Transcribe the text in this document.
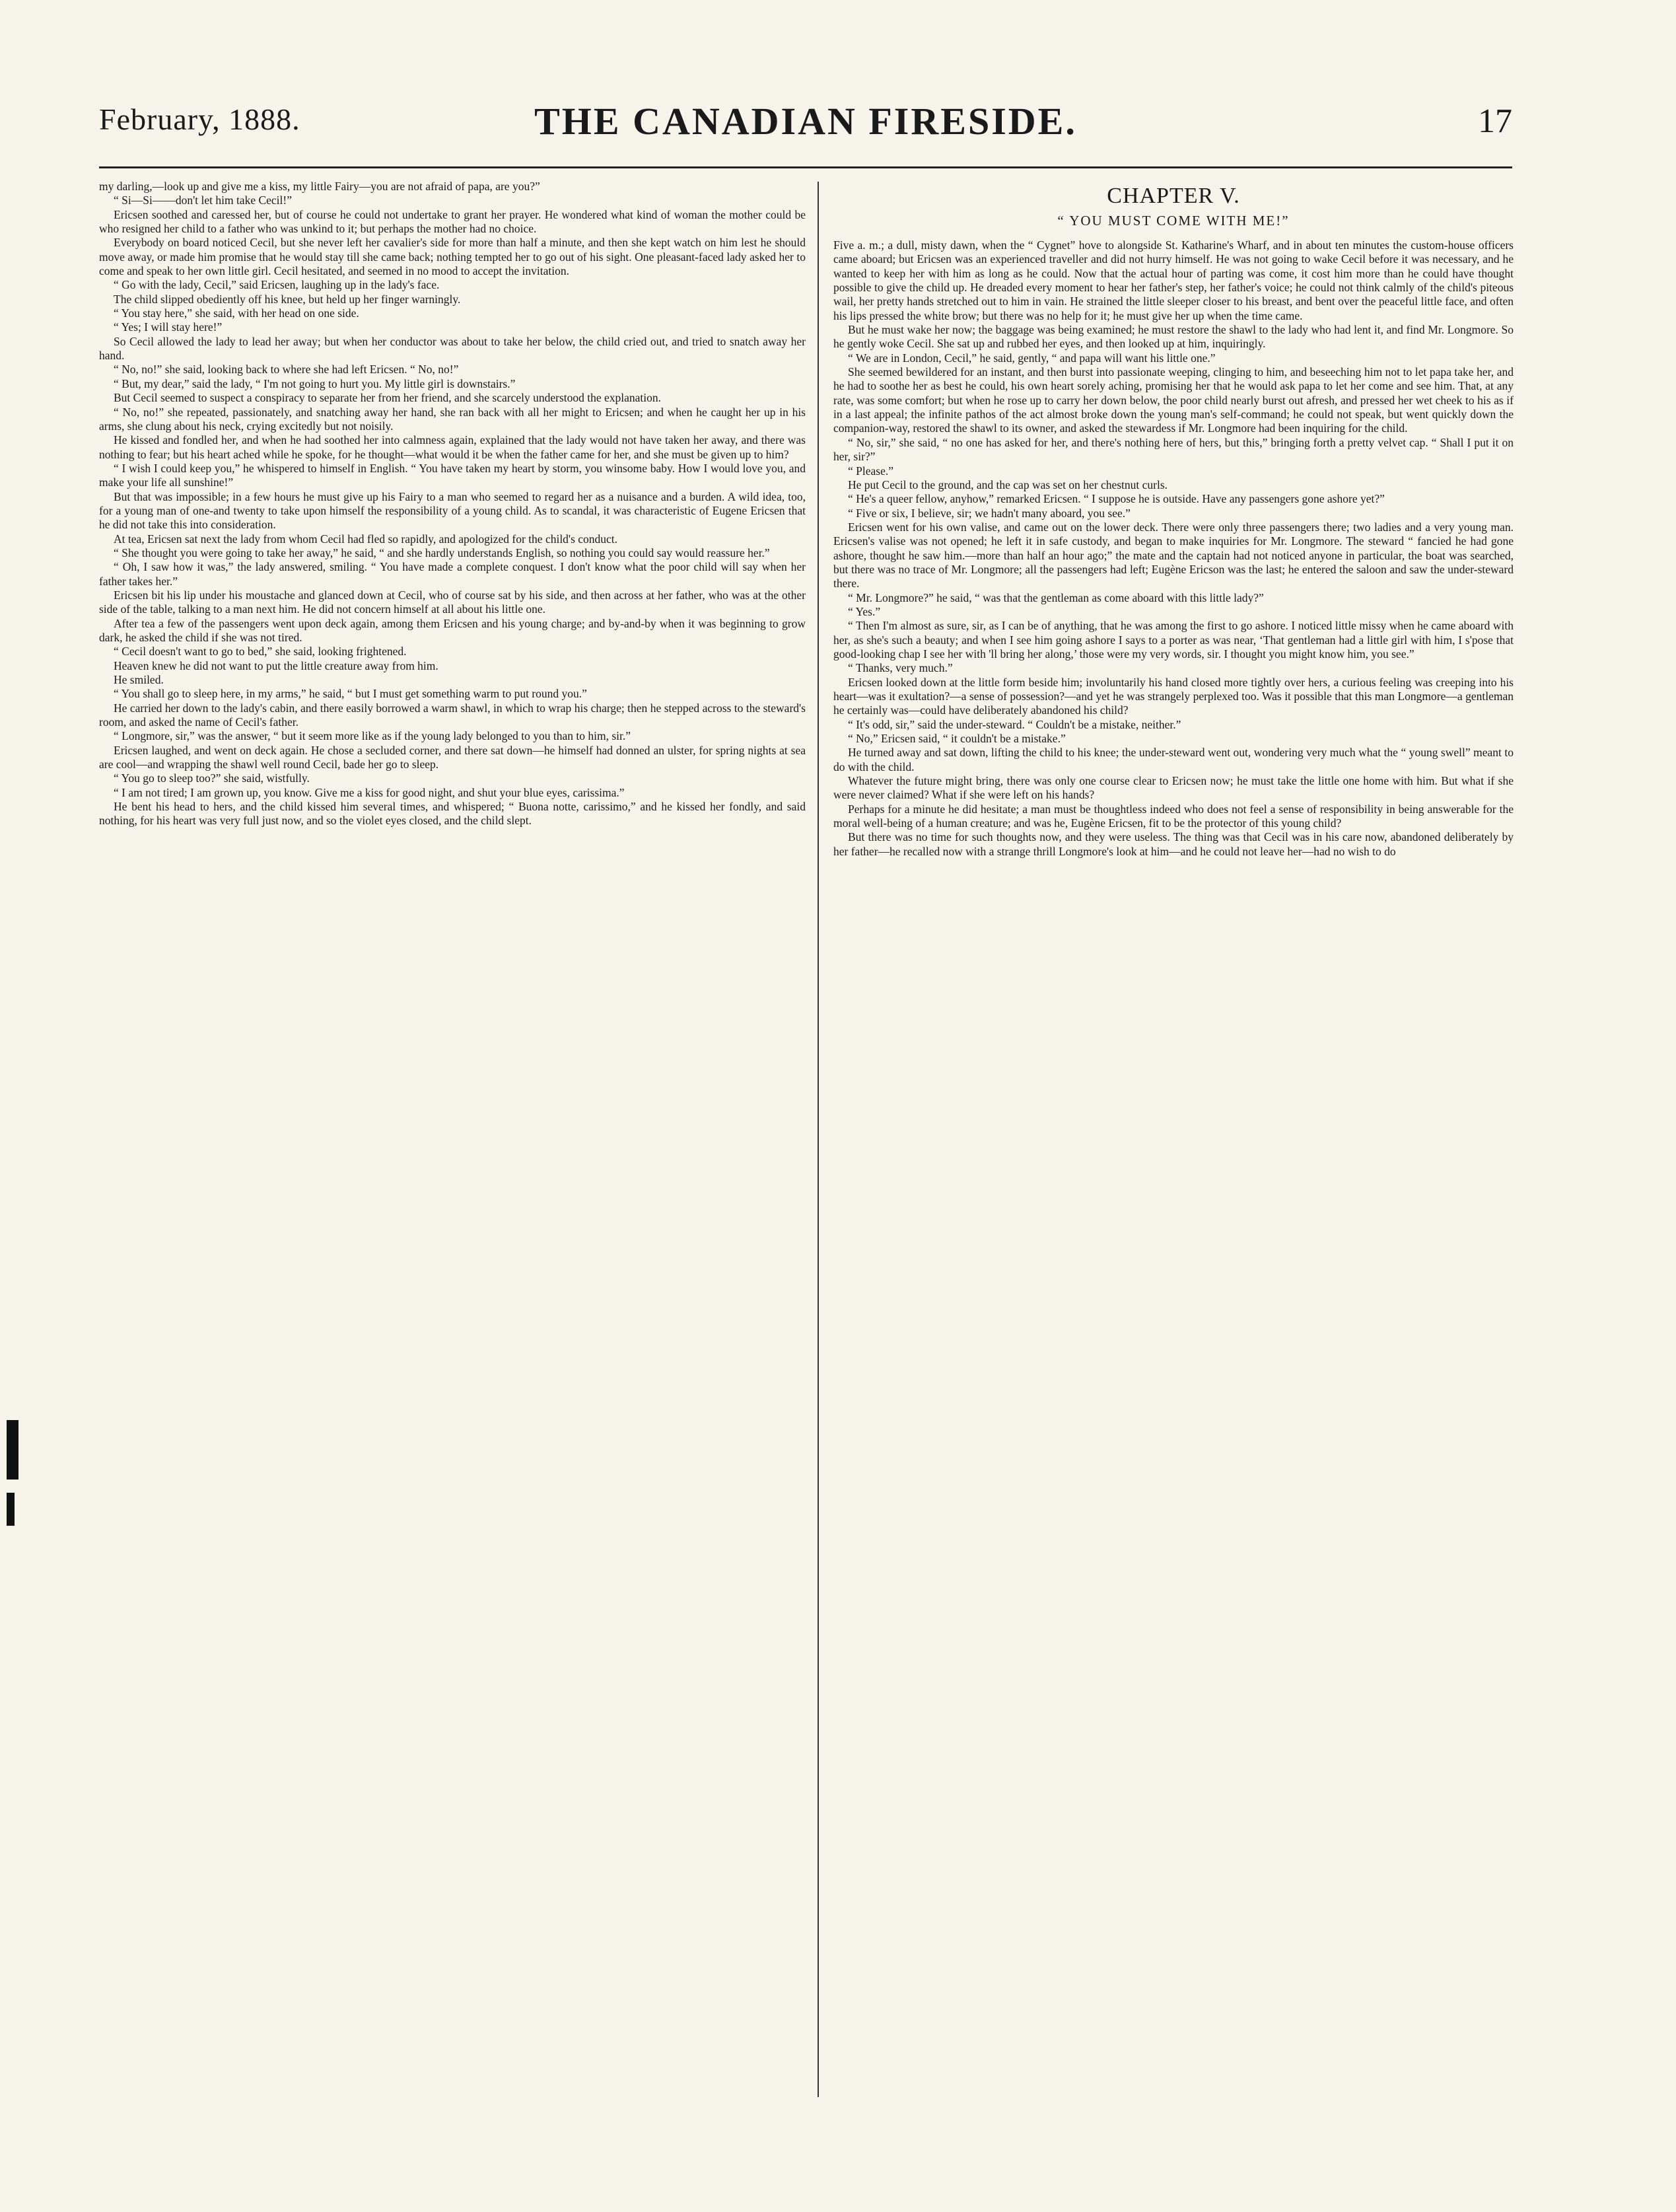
February, 1888.	THE CANADIAN FIRESIDE.	17

my darling,—look up and give me a kiss, my little Fairy—you are not afraid of papa, are you?”

“ Si—Si——don't let him take Cecil!”

Ericsen soothed and caressed her, but of course he could not undertake to grant her prayer. He wondered what kind of woman the mother could be who resigned her child to a father who was unkind to it; but perhaps the mother had no choice.

Everybody on board noticed Cecil, but she never left her cavalier's side for more than half a minute, and then she kept watch on him lest he should move away, or made him promise that he would stay till she came back; nothing tempted her to go out of his sight. One pleasant-faced lady asked her to come and speak to her own little girl. Cecil hesitated, and seemed in no mood to accept the invitation.

“ Go with the lady, Cecil,” said Ericsen, laughing up in the lady's face.

The child slipped obediently off his knee, but held up her finger warningly.

“ You stay here,” she said, with her head on one side.

“ Yes; I will stay here!”

So Cecil allowed the lady to lead her away; but when her conductor was about to take her below, the child cried out, and tried to snatch away her hand.

“ No, no!” she said, looking back to where she had left Ericsen. “ No, no!”

“ But, my dear,” said the lady, “ I'm not going to hurt you. My little girl is downstairs.”

But Cecil seemed to suspect a conspiracy to separate her from her friend, and she scarcely understood the explanation.

“ No, no!” she repeated, passionately, and snatching away her hand, she ran back with all her might to Ericsen; and when he caught her up in his arms, she clung about his neck, crying excitedly but not noisily.

He kissed and fondled her, and when he had soothed her into calmness again, explained that the lady would not have taken her away, and there was nothing to fear; but his heart ached while he spoke, for he thought—what would it be when the father came for her, and she must be given up to him?

“ I wish I could keep you,” he whispered to himself in English. “ You have taken my heart by storm, you winsome baby. How I would love you, and make your life all sunshine!”

But that was impossible; in a few hours he must give up his Fairy to a man who seemed to regard her as a nuisance and a burden. A wild idea, too, for a young man of one-and twenty to take upon himself the responsibility of a young child. As to scandal, it was characteristic of Eugene Ericsen that he did not take this into consideration.

At tea, Ericsen sat next the lady from whom Cecil had fled so rapidly, and apologized for the child's conduct.

“ She thought you were going to take her away,” he said, “ and she hardly understands English, so nothing you could say would reassure her.”

“ Oh, I saw how it was,” the lady answered, smiling. “ You have made a complete conquest. I don't know what the poor child will say when her father takes her.”

Ericsen bit his lip under his moustache and glanced down at Cecil, who of course sat by his side, and then across at her father, who was at the other side of the table, talking to a man next him. He did not concern himself at all about his little one.

After tea a few of the passengers went upon deck again, among them Ericsen and his young charge; and by-and-by when it was beginning to grow dark, he asked the child if she was not tired.

“ Cecil doesn't want to go to bed,” she said, looking frightened.

Heaven knew he did not want to put the little creature away from him.

He smiled.

“ You shall go to sleep here, in my arms,” he said, “ but I must get something warm to put round you.”

He carried her down to the lady's cabin, and there easily borrowed a warm shawl, in which to wrap his charge; then he stepped across to the steward's room, and asked the name of Cecil's father.

“ Longmore, sir,” was the answer, “ but it seem more like as if the young lady belonged to you than to him, sir.”

Ericsen laughed, and went on deck again. He chose a secluded corner, and there sat down—he himself had donned an ulster, for spring nights at sea are cool—and wrapping the shawl well round Cecil, bade her go to sleep.

“ You go to sleep too?” she said, wistfully.

“ I am not tired; I am grown up, you know. Give me a kiss for good night, and shut your blue eyes, carissima.”

He bent his head to hers, and the child kissed him several times, and whispered; “ Buona notte, carissimo,” and he kissed her fondly, and said nothing, for his heart was very full just now, and so the violet eyes closed, and the child slept.

CHAPTER V.
“ YOU MUST COME WITH ME!”

Five a. m.; a dull, misty dawn, when the “ Cygnet” hove to alongside St. Katharine's Wharf, and in about ten minutes the custom-house officers came aboard; but Ericsen was an experienced traveller and did not hurry himself. He was not going to wake Cecil before it was necessary, and he wanted to keep her with him as long as he could. Now that the actual hour of parting was come, it cost him more than he could have thought possible to give the child up. He dreaded every moment to hear her father's step, her father's voice; he could not think calmly of the child's piteous wail, her pretty hands stretched out to him in vain. He strained the little sleeper closer to his breast, and bent over the peaceful little face, and often his lips pressed the white brow; but there was no help for it; he must give her up when the time came.

But he must wake her now; the baggage was being examined; he must restore the shawl to the lady who had lent it, and find Mr. Longmore. So he gently woke Cecil. She sat up and rubbed her eyes, and then looked up at him, inquiringly.

“ We are in London, Cecil,” he said, gently, “ and papa will want his little one.”

She seemed bewildered for an instant, and then burst into passionate weeping, clinging to him, and beseeching him not to let papa take her, and he had to soothe her as best he could, his own heart sorely aching, promising her that he would ask papa to let her come and see him. That, at any rate, was some comfort; but when he rose up to carry her down below, the poor child nearly burst out afresh, and pressed her wet cheek to his as if in a last appeal; the infinite pathos of the act almost broke down the young man's self-command; he could not speak, but went quickly down the companion-way, restored the shawl to its owner, and asked the stewardess if Mr. Longmore had been inquiring for the child.

“ No, sir,” she said, “ no one has asked for her, and there's nothing here of hers, but this,” bringing forth a pretty velvet cap. “ Shall I put it on her, sir?”

“ Please.”

He put Cecil to the ground, and the cap was set on her chestnut curls.

“ He's a queer fellow, anyhow,” remarked Ericsen. “ I suppose he is outside. Have any passengers gone ashore yet?”

“ Five or six, I believe, sir; we hadn't many aboard, you see.”

Ericsen went for his own valise, and came out on the lower deck. There were only three passengers there; two ladies and a very young man. Ericsen's valise was not opened; he left it in safe custody, and began to make inquiries for Mr. Longmore. The steward “ fancied he had gone ashore, thought he saw him.—more than half an hour ago;” the mate and the captain had not noticed anyone in particular, the boat was searched, but there was no trace of Mr. Longmore; all the passengers had left; Eugène Ericson was the last; he entered the saloon and saw the under-steward there.

“ Mr. Longmore?” he said, “ was that the gentleman as come aboard with this little lady?”

“ Yes.”

“ Then I'm almost as sure, sir, as I can be of anything, that he was among the first to go ashore. I noticed little missy when he came aboard with her, as she's such a beauty; and when I see him going ashore I says to a porter as was near, ‘That gentleman had a little girl with him, I s'pose that good-looking chap I see her with 'll bring her along,’ those were my very words, sir. I thought you might know him, you see.”

“ Thanks, very much.”

Ericsen looked down at the little form beside him; involuntarily his hand closed more tightly over hers, a curious feeling was creeping into his heart—was it exultation?—a sense of possession?—and yet he was strangely perplexed too. Was it possible that this man Longmore—a gentleman he certainly was—could have deliberately abandoned his child?

“ It's odd, sir,” said the under-steward. “ Couldn't be a mistake, neither.”

“ No,” Ericsen said, “ it couldn't be a mistake.”

He turned away and sat down, lifting the child to his knee; the under-steward went out, wondering very much what the “ young swell” meant to do with the child.

Whatever the future might bring, there was only one course clear to Ericsen now; he must take the little one home with him. But what if she were never claimed? What if she were left on his hands?

Perhaps for a minute he did hesitate; a man must be thoughtless indeed who does not feel a sense of responsibility in being answerable for the moral well-being of a human creature; and was he, Eugène Ericsen, fit to be the protector of this young child?

But there was no time for such thoughts now, and they were useless. The thing was that Cecil was in his care now, abandoned deliberately by her father—he recalled now with a strange thrill Longmore's look at him—and he could not leave her—had no wish to do
